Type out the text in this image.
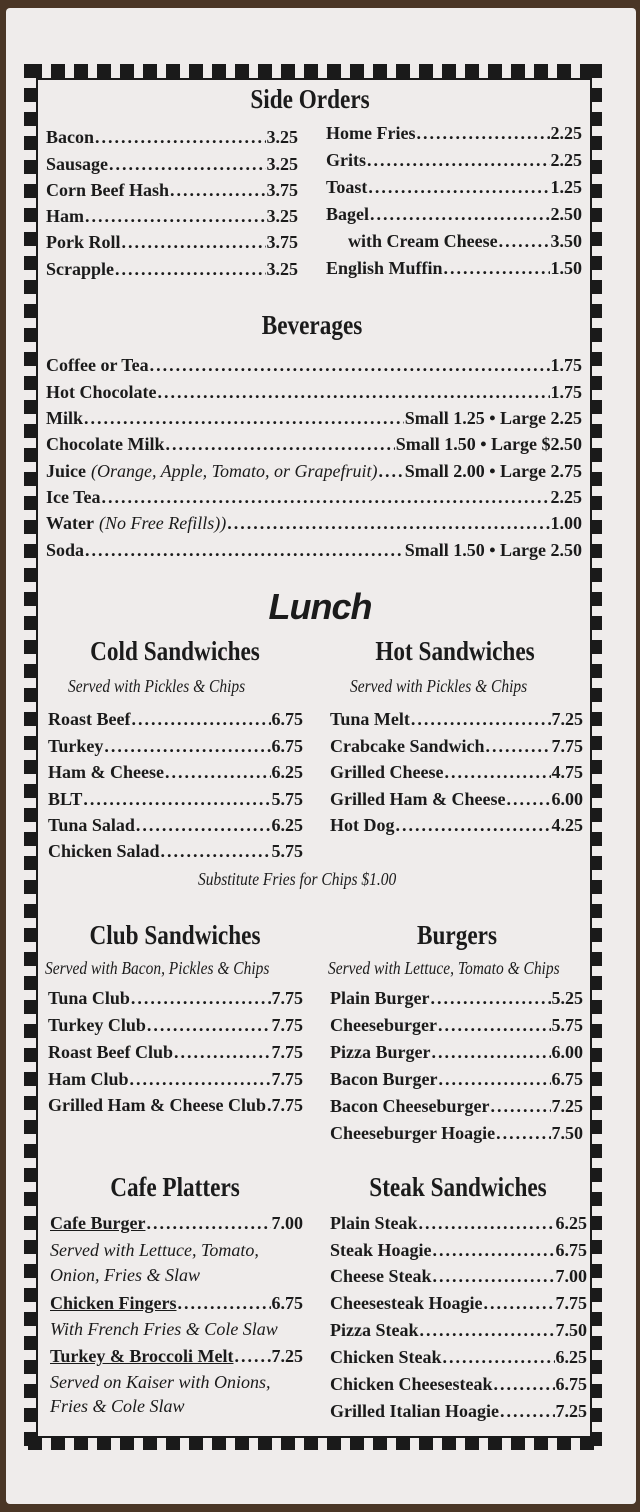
Side Orders
Bacon .....	3.25
Sausage .....	3.25
Corn Beef Hash .....	3.75
Ham .....	3.25
Pork Roll .....	3.75
Scrapple .....	3.25
Home Fries .....	2.25
Grits .....	2.25
Toast .....	1.25
Bagel .....	2.50
with Cream Cheese .....	3.50
English Muffin .....	1.50
Beverages
Coffee or Tea .....	1.75
Hot Chocolate .....	1.75
Milk .....	Small 1.25 • Large 2.25
Chocolate Milk .....	Small 1.50 • Large $2.50
Juice (Orange, Apple, Tomato, or Grapefruit) ..... Small 2.00 • Large 2.75
Ice Tea .....	2.25
Water (No Free Refills)) .....	1.00
Soda .....	Small 1.50 • Large 2.50
Lunch
Cold Sandwiches
Served with Pickles & Chips
Roast Beef .....	6.75
Turkey .....	6.75
Ham & Cheese .....	6.25
BLT .....	5.75
Tuna Salad .....	6.25
Chicken Salad .....	5.75
Hot Sandwiches
Served with Pickles & Chips
Tuna Melt .....	7.25
Crabcake Sandwich .....	7.75
Grilled Cheese .....	4.75
Grilled Ham & Cheese .....	6.00
Hot Dog .....	4.25
Substitute Fries for Chips $1.00
Club Sandwiches
Served with Bacon, Pickles & Chips
Tuna Club .....	7.75
Turkey Club .....	7.75
Roast Beef Club .....	7.75
Ham Club .....	7.75
Grilled Ham & Cheese Club ..... 7.75
Burgers
Served with Lettuce, Tomato & Chips
Plain Burger .....	5.25
Cheeseburger .....	5.75
Pizza Burger .....	6.00
Bacon Burger .....	6.75
Bacon Cheeseburger .....	7.25
Cheeseburger Hoagie .....	7.50
Cafe Platters
Cafe Burger .....	7.00
Served with Lettuce, Tomato,
Onion, Fries & Slaw
Chicken Fingers .....	6.75
With French Fries & Cole Slaw
Turkey & Broccoli Melt ..... 7.25
Served on Kaiser with Onions,
Fries & Cole Slaw
Steak Sandwiches
Plain Steak .....	6.25
Steak Hoagie .....	6.75
Cheese Steak .....	7.00
Cheesesteak Hoagie .....	7.75
Pizza Steak .....	7.50
Chicken Steak .....	6.25
Chicken Cheesesteak .....	6.75
Grilled Italian Hoagie .....	7.25
